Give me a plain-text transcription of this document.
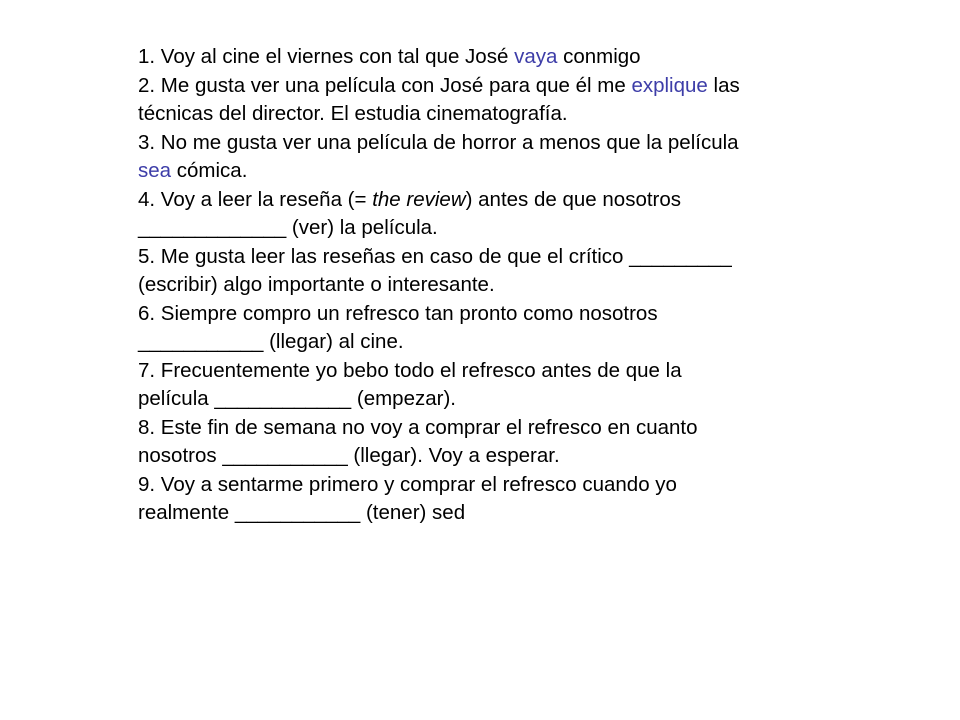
1. Voy al cine el viernes con tal que José vaya conmigo
2. Me gusta ver una película con José para que él me explique las
técnicas del director. El estudia cinematografía.
3. No me gusta ver una película de horror a menos que la película
sea cómica.
4. Voy a leer la reseña (= the review) antes de que nosotros
_____________ (ver) la película.
5. Me gusta leer las reseñas en caso de que el crítico _________
(escribir) algo importante o interesante.
6. Siempre compro un refresco tan pronto como nosotros
___________ (llegar) al cine.
7. Frecuentemente yo bebo todo el refresco antes de que la
película ____________ (empezar).
8. Este fin de semana no voy a comprar el refresco en cuanto
nosotros ___________ (llegar). Voy a esperar.
9. Voy a sentarme primero y comprar el refresco cuando yo
realmente ___________ (tener) sed
